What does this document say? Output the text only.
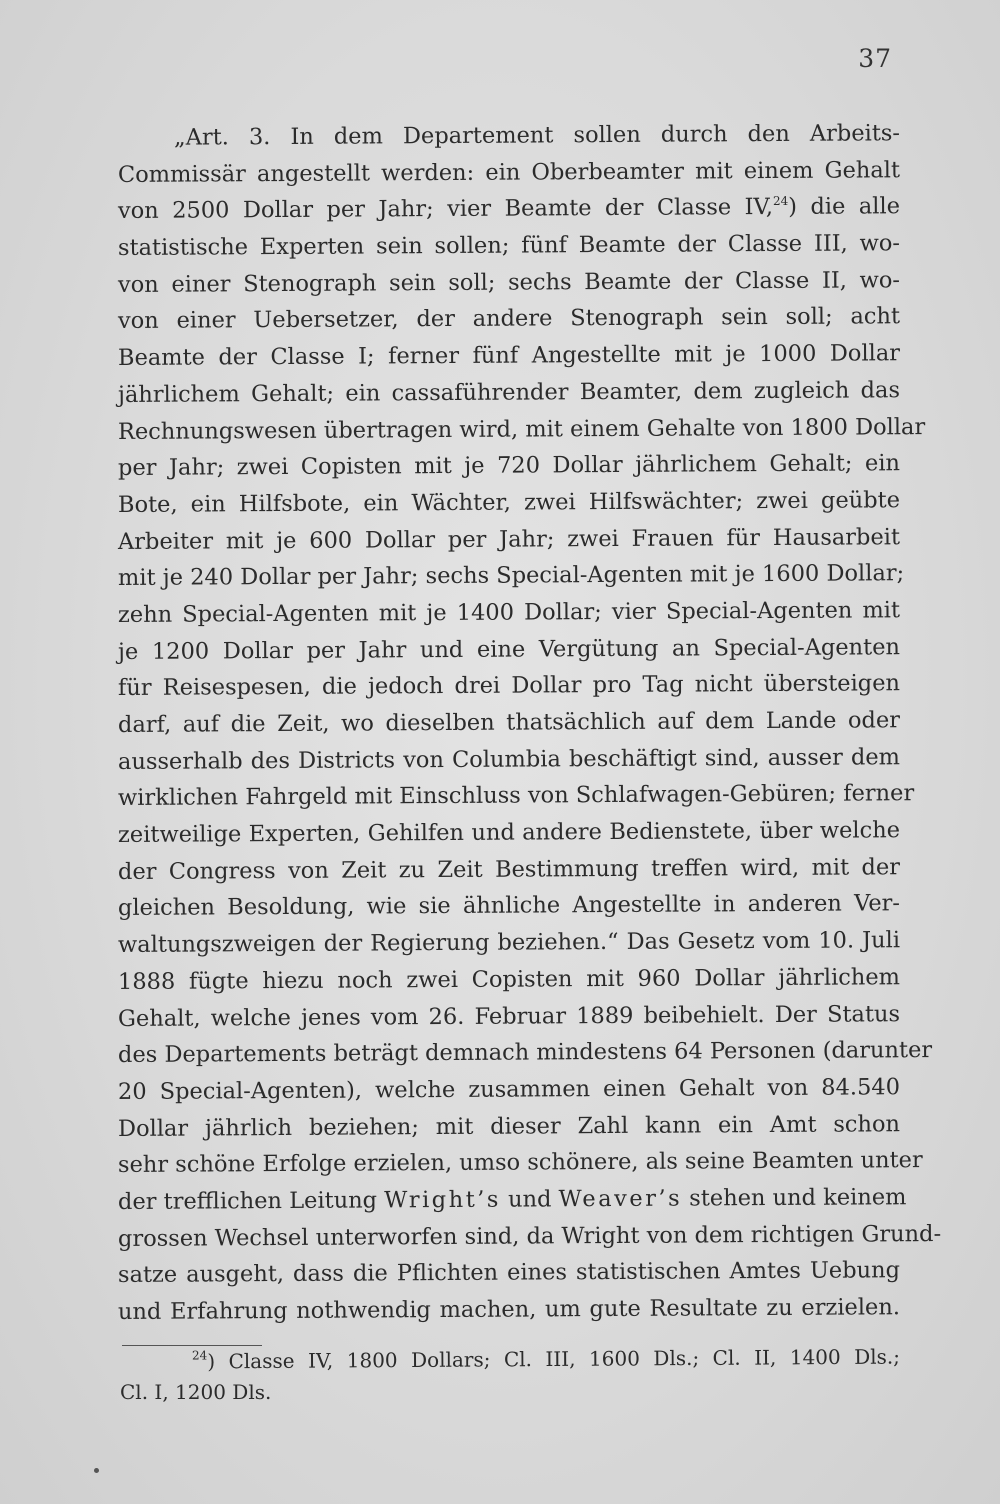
37
„Art. 3. In dem Departement sollen durch den Arbeits-
Commissär angestellt werden: ein Oberbeamter mit einem Gehalt
von 2500 Dollar per Jahr; vier Beamte der Classe IV,$^{24}$) die alle
statistische Experten sein sollen; fünf Beamte der Classe III, wo-
von einer Stenograph sein soll; sechs Beamte der Classe II, wo-
von einer Uebersetzer, der andere Stenograph sein soll; acht
Beamte der Classe I; ferner fünf Angestellte mit je 1000 Dollar
jährlichem Gehalt; ein cassaführender Beamter, dem zugleich das
Rechnungswesen übertragen wird, mit einem Gehalte von 1800 Dollar
per Jahr; zwei Copisten mit je 720 Dollar jährlichem Gehalt; ein
Bote, ein Hilfsbote, ein Wächter, zwei Hilfswächter; zwei geübte
Arbeiter mit je 600 Dollar per Jahr; zwei Frauen für Hausarbeit
mit je 240 Dollar per Jahr; sechs Special-Agenten mit je 1600 Dollar;
zehn Special-Agenten mit je 1400 Dollar; vier Special-Agenten mit
je 1200 Dollar per Jahr und eine Vergütung an Special-Agenten
für Reisespesen, die jedoch drei Dollar pro Tag nicht übersteigen
darf, auf die Zeit, wo dieselben thatsächlich auf dem Lande oder
ausserhalb des Districts von Columbia beschäftigt sind, ausser dem
wirklichen Fahrgeld mit Einschluss von Schlafwagen-Gebüren; ferner
zeitweilige Experten, Gehilfen und andere Bedienstete, über welche
der Congress von Zeit zu Zeit Bestimmung treffen wird, mit der
gleichen Besoldung, wie sie ähnliche Angestellte in anderen Ver-
waltungszweigen der Regierung beziehen.“ Das Gesetz vom 10. Juli
1888 fügte hiezu noch zwei Copisten mit 960 Dollar jährlichem
Gehalt, welche jenes vom 26. Februar 1889 beibehielt. Der Status
des Departements beträgt demnach mindestens 64 Personen (darunter
20 Special-Agenten), welche zusammen einen Gehalt von 84.540
Dollar jährlich beziehen; mit dieser Zahl kann ein Amt schon
sehr schöne Erfolge erzielen, umso schönere, als seine Beamten unter
der trefflichen Leitung Wright’s und Weaver’s stehen und keinem
grossen Wechsel unterworfen sind, da Wright von dem richtigen Grund-
satze ausgeht, dass die Pflichten eines statistischen Amtes Uebung
und Erfahrung nothwendig machen, um gute Resultate zu erzielen.
$^{24}$) Classe IV, 1800 Dollars; Cl. III, 1600 Dls.; Cl. II, 1400 Dls.;
Cl. I, 1200 Dls.
